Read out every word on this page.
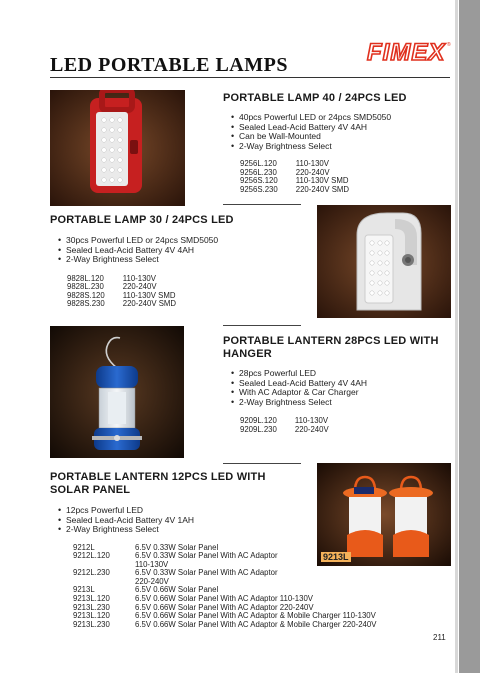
FIMEX ®
LED PORTABLE LAMPS
PORTABLE LAMP 40 / 24PCS LED
• 40pcs Powerful LED or 24pcs SMD5050
• Sealed Lead-Acid Battery 4V 4AH
• Can be Wall-Mounted
• 2-Way Brightness Select
9256L.120	110-130V
9256L.230	220-240V
9256S.120	110-130V SMD
9256S.230	220-240V SMD
PORTABLE LAMP 30 / 24PCS LED
• 30pcs Powerful LED or 24pcs SMD5050
• Sealed Lead-Acid Battery 4V 4AH
• 2-Way Brightness Select
9828L.120	110-130V
9828L.230	220-240V
9828S.120	110-130V SMD
9828S.230	220-240V SMD
PORTABLE LANTERN 28PCS LED WITH
HANGER
• 28pcs Powerful LED
• Sealed Lead-Acid Battery 4V 4AH
• With AC Adaptor & Car Charger
• 2-Way Brightness Select
9209L.120	110-130V
9209L.230	220-240V
PORTABLE LANTERN 12PCS LED WITH
SOLAR PANEL
• 12pcs Powerful LED
• Sealed Lead-Acid Battery 4V 1AH
• 2-Way Brightness Select
9212L	6.5V 0.33W Solar Panel
9212L.120	6.5V 0.33W Solar Panel With AC Adaptor
	110-130V
9212L.230	6.5V 0.33W Solar Panel With AC Adaptor
	220-240V
9213L	6.5V 0.66W Solar Panel
9213L.120	6.5V 0.66W Solar Panel With AC Adaptor 110-130V
9213L.230	6.5V 0.66W Solar Panel With AC Adaptor 220-240V
9213L.120	6.5V 0.66W Solar Panel With AC Adaptor & Mobile Charger 110-130V
9213L.230	6.5V 0.66W Solar Panel With AC Adaptor & Mobile Charger 220-240V
9213L
211
